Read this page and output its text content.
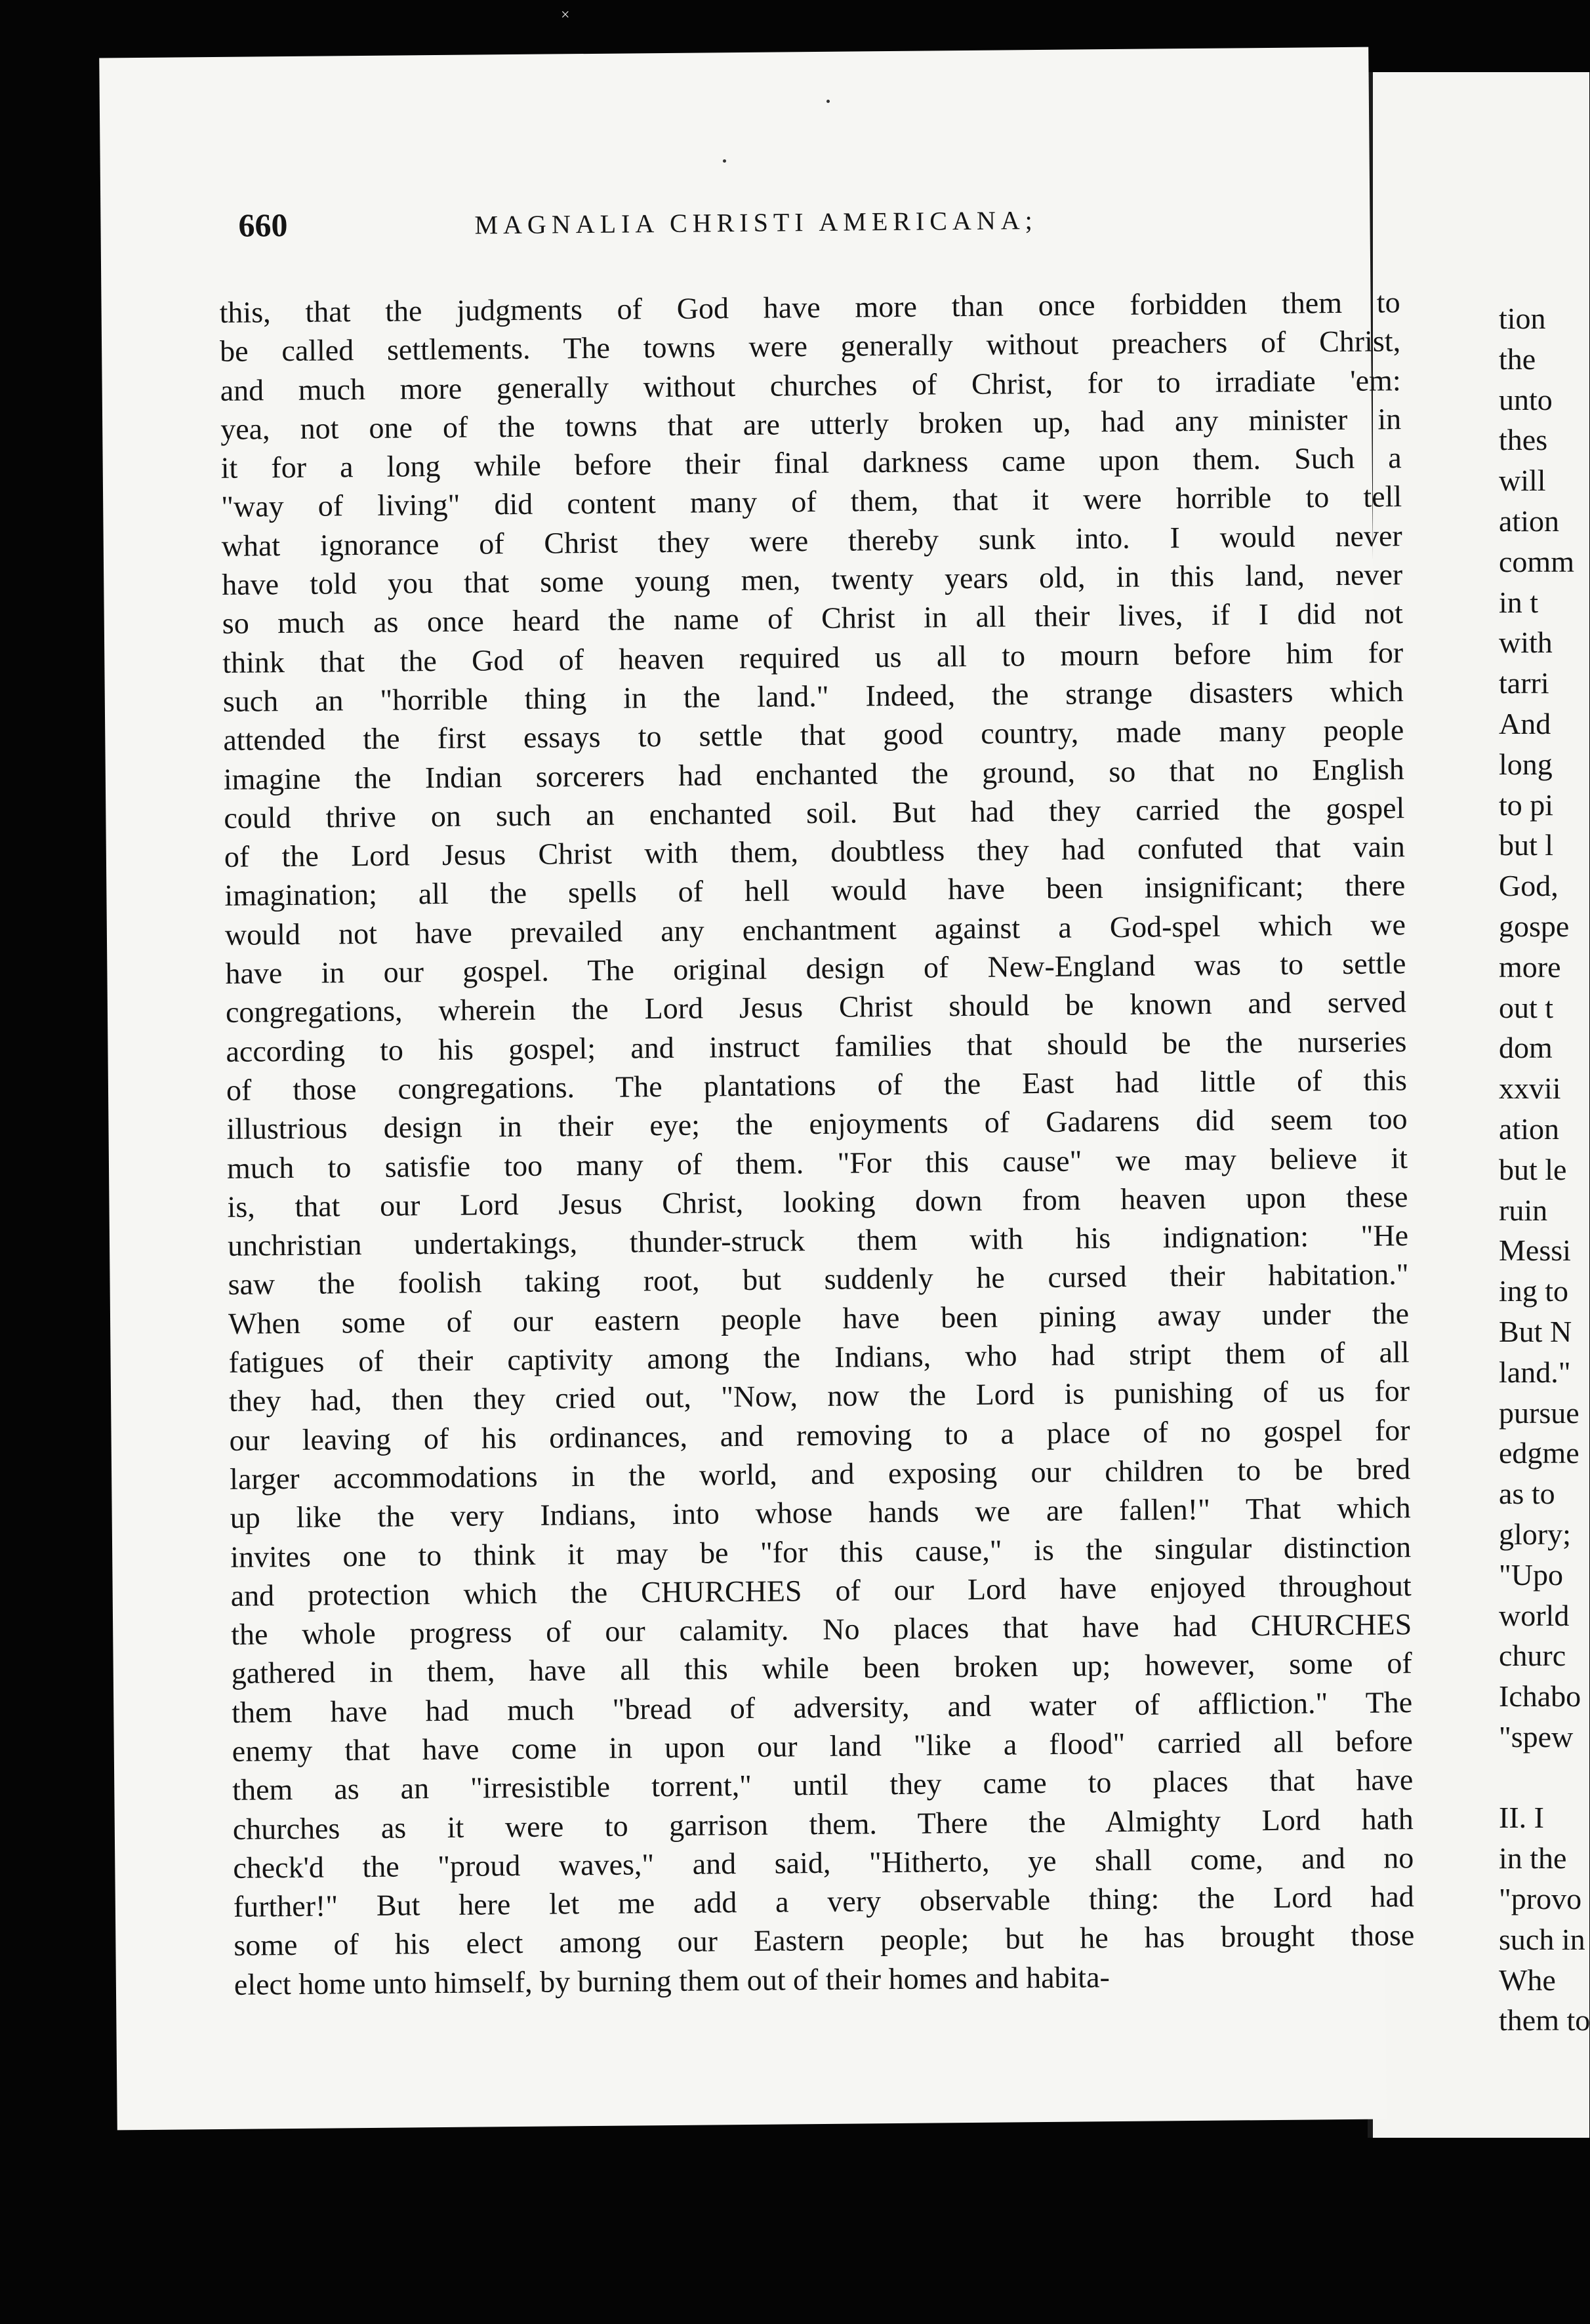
660	MAGNALIA CHRISTI AMERICANA;
this, that the judgments of God have more than once forbidden them to
be called settlements. The towns were generally without preachers of Christ,
and much more generally without churches of Christ, for to irradiate 'em:
yea, not one of the towns that are utterly broken up, had any minister in
it for a long while before their final darkness came upon them. Such a
"way of living" did content many of them, that it were horrible to tell
what ignorance of Christ they were thereby sunk into. I would never
have told you that some young men, twenty years old, in this land, never
so much as once heard the name of Christ in all their lives, if I did not
think that the God of heaven required us all to mourn before him for
such an "horrible thing in the land." Indeed, the strange disasters which
attended the first essays to settle that good country, made many people
imagine the Indian sorcerers had enchanted the ground, so that no English
could thrive on such an enchanted soil. But had they carried the gospel
of the Lord Jesus Christ with them, doubtless they had confuted that vain
imagination; all the spells of hell would have been insignificant; there
would not have prevailed any enchantment against a God-spel which we
have in our gospel. The original design of New-England was to settle
congregations, wherein the Lord Jesus Christ should be known and served
according to his gospel; and instruct families that should be the nurseries
of those congregations. The plantations of the East had little of this
illustrious design in their eye; the enjoyments of Gadarens did seem too
much to satisfie too many of them. "For this cause" we may believe it
is, that our Lord Jesus Christ, looking down from heaven upon these
unchristian undertakings, thunder-struck them with his indignation: "He
saw the foolish taking root, but suddenly he cursed their habitation."
When some of our eastern people have been pining away under the
fatigues of their captivity among the Indians, who had stript them of all
they had, then they cried out, "Now, now the Lord is punishing of us for
our leaving of his ordinances, and removing to a place of no gospel for
larger accommodations in the world, and exposing our children to be bred
up like the very Indians, into whose hands we are fallen!" That which
invites one to think it may be "for this cause," is the singular distinction
and protection which the CHURCHES of our Lord have enjoyed throughout
the whole progress of our calamity. No places that have had CHURCHES
gathered in them, have all this while been broken up; however, some of
them have had much "bread of adversity, and water of affliction." The
enemy that have come in upon our land "like a flood" carried all before
them as an "irresistible torrent," until they came to places that have
churches as it were to garrison them. There the Almighty Lord hath
check'd the "proud waves," and said, "Hitherto, ye shall come, and no
further!" But here let me add a very observable thing: the Lord had
some of his elect among our Eastern people; but he has brought those
elect home unto himself, by burning them out of their homes and habita-
tion
the
unto
thes
will
ation
comm
in t
with
tarri
And
long
to pi
but l
God,
gospe
more
out t
dom
xxvii
ation
but le
ruin
Messi
ing to
But N
land."
pursue
edgme
as to
glory;
"Upo
world
churc
Ichabo
"spew
II. I
in the
"provo
such in
Whe
them to
×
